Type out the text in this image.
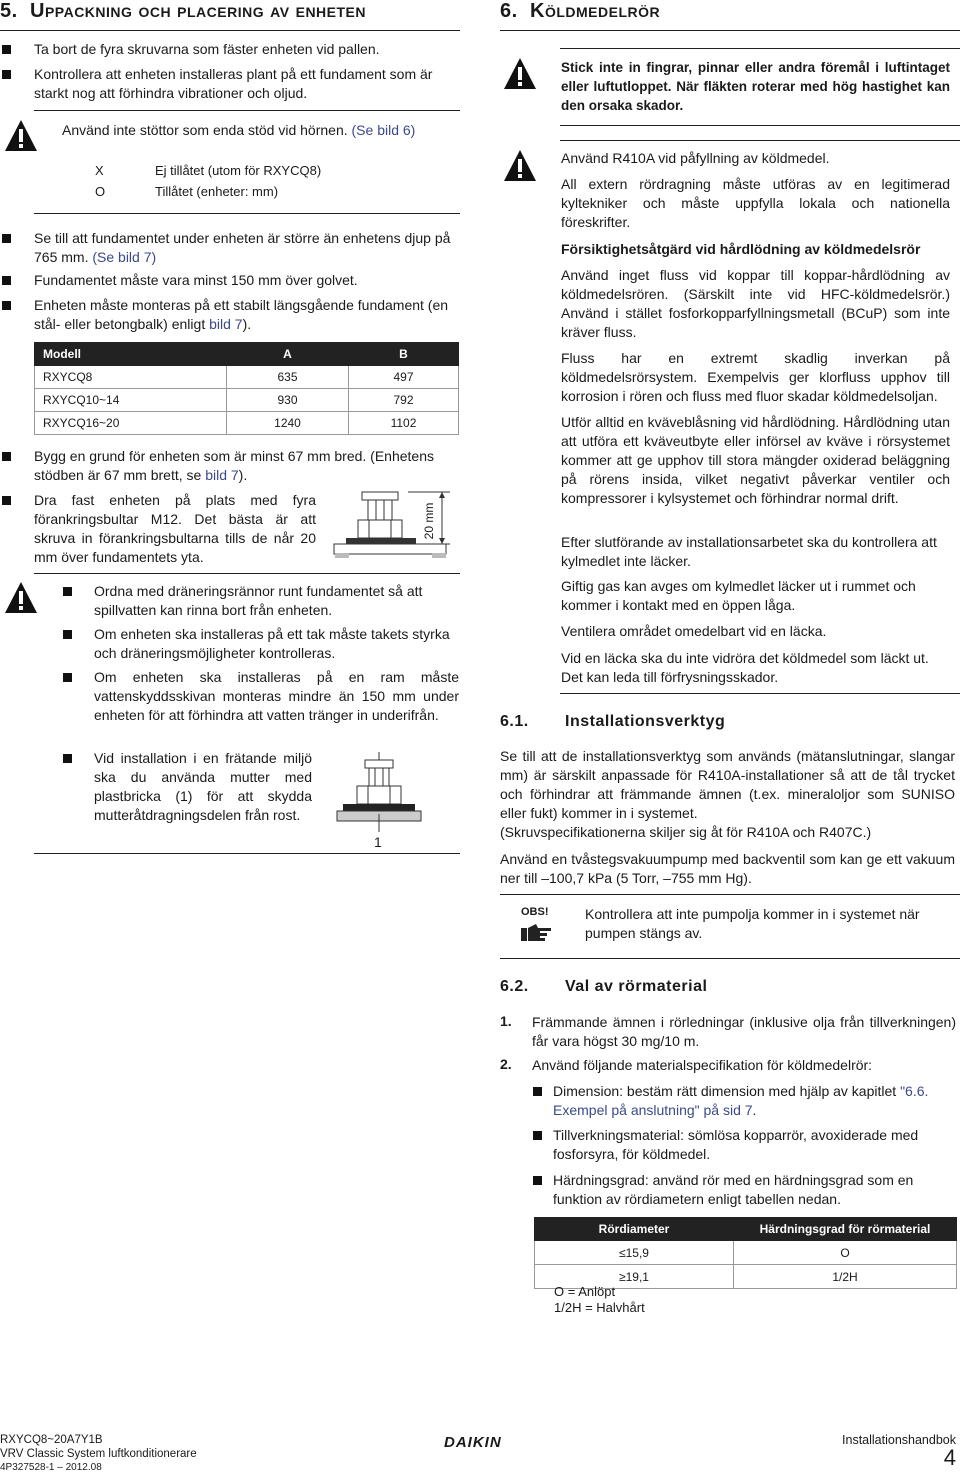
5. Uppackning och placering av enheten
Ta bort de fyra skruvarna som fäster enheten vid pallen.
Kontrollera att enheten installeras plant på ett fundament som är starkt nog att förhindra vibrationer och oljud.
Använd inte stöttor som enda stöd vid hörnen. (Se bild 6)
X	Ej tillåtet (utom för RXYCQ8)
O	Tillåtet (enheter: mm)
Se till att fundamentet under enheten är större än enhetens djup på 765 mm. (Se bild 7)
Fundamentet måste vara minst 150 mm över golvet.
Enheten måste monteras på ett stabilt längsgående fundament (en stål- eller betongbalk) enligt bild 7).
Modell	A	B
RXYCQ8	635	497
RXYCQ10~14	930	792
RXYCQ16~20	1240	1102
Bygg en grund för enheten som är minst 67 mm bred. (Enhetens stödben är 67 mm brett, se bild 7).
Dra fast enheten på plats med fyra förankringsbultar M12. Det bästa är att skruva in förankringsbultarna tills de når 20 mm över fundamentets yta.
20 mm
Ordna med dräneringsrännor runt fundamentet så att spillvatten kan rinna bort från enheten.
Om enheten ska installeras på ett tak måste takets styrka och dräneringsmöjligheter kontrolleras.
Om enheten ska installeras på en ram måste vattenskyddsskivan monteras mindre än 150 mm under enheten för att förhindra att vatten tränger in underifrån.
Vid installation i en frätande miljö ska du använda mutter med plastbricka (1) för att skydda mutteråtdragningsdelen från rost.
1
6. Köldmedelrör
Stick inte in fingrar, pinnar eller andra föremål i luftintaget eller luftutloppet. När fläkten roterar med hög hastighet kan den orsaka skador.
Använd R410A vid påfyllning av köldmedel.
All extern rördragning måste utföras av en legitimerad kyltekniker och måste uppfylla lokala och nationella föreskrifter.
Försiktighetsåtgärd vid hårdlödning av köldmedelsrör
Använd inget fluss vid koppar till koppar-hårdlödning av köldmedelsrören. (Särskilt inte vid HFC-köldmedelsrör.) Använd i stället fosforkopparfyllningsmetall (BCuP) som inte kräver fluss.
Fluss har en extremt skadlig inverkan på köldmedelsrörsystem. Exempelvis ger klorfluss upphov till korrosion i rören och fluss med fluor skadar köldmedelsoljan.
Utför alltid en kväveblåsning vid hårdlödning. Hårdlödning utan att utföra ett kväveutbyte eller införsel av kväve i rörsystemet kommer att ge upphov till stora mängder oxiderad beläggning på rörens insida, vilket negativt påverkar ventiler och kompressorer i kylsystemet och förhindrar normal drift.
Efter slutförande av installationsarbetet ska du kontrollera att kylmedlet inte läcker.
Giftig gas kan avges om kylmedlet läcker ut i rummet och kommer i kontakt med en öppen låga.
Ventilera området omedelbart vid en läcka.
Vid en läcka ska du inte vidröra det köldmedel som läckt ut. Det kan leda till förfrysningsskador.
6.1. Installationsverktyg
Se till att de installationsverktyg som används (mätanslutningar, slangar mm) är särskilt anpassade för R410A-installationer så att de tål trycket och förhindrar att främmande ämnen (t.ex. mineraloljor som SUNISO eller fukt) kommer in i systemet.
(Skruvspecifikationerna skiljer sig åt för R410A och R407C.)
Använd en tvåstegsvakuumpump med backventil som kan ge ett vakuum ner till –100,7 kPa (5 Torr, –755 mm Hg).
OBS!	Kontrollera att inte pumpolja kommer in i systemet när pumpen stängs av.
6.2. Val av rörmaterial
1. Främmande ämnen i rörledningar (inklusive olja från tillverkningen) får vara högst 30 mg/10 m.
2. Använd följande materialspecifikation för köldmedelrör:
Dimension: bestäm rätt dimension med hjälp av kapitlet "6.6. Exempel på anslutning" på sid 7.
Tillverkningsmaterial: sömlösa kopparrör, avoxiderade med fosforsyra, för köldmedel.
Härdningsgrad: använd rör med en härdningsgrad som en funktion av rördiametern enligt tabellen nedan.
Rördiameter	Härdningsgrad för rörmaterial
≤15,9	O
≥19,1	1/2H
O = Anlöpt
1/2H = Halvhårt
RXYCQ8~20A7Y1B
VRV Classic System luftkonditionerare
4P327528-1 – 2012.08
DAIKIN	Installationshandbok
4
